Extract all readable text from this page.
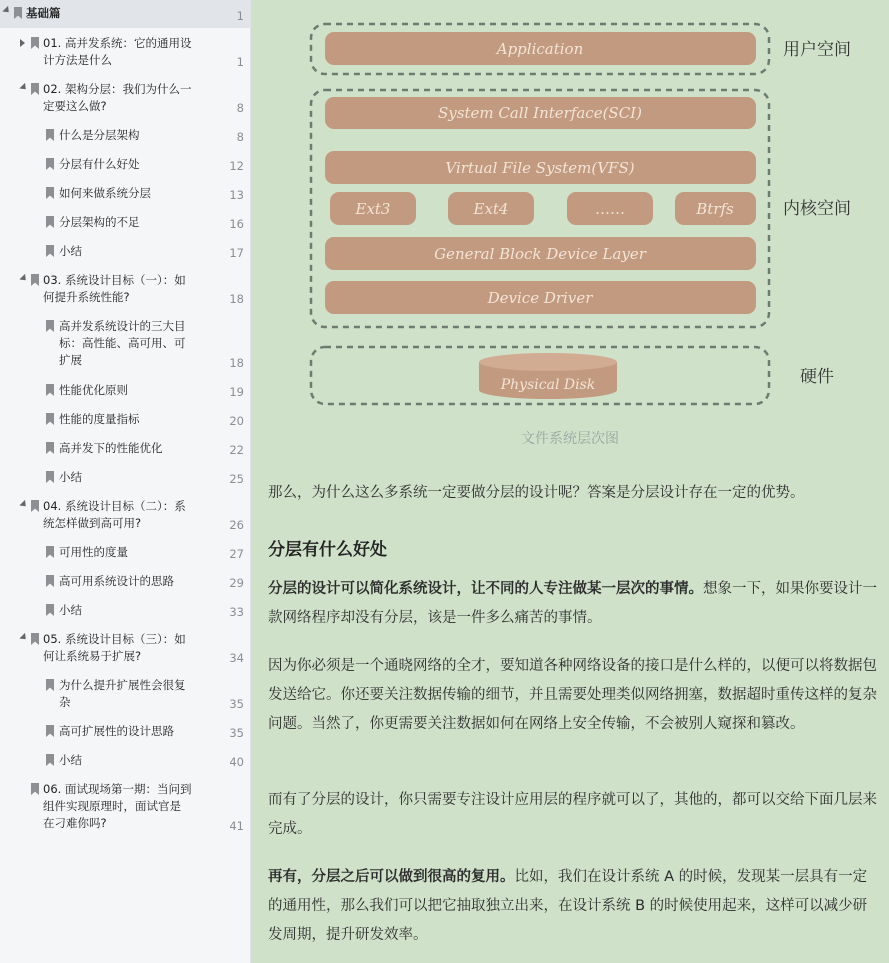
基础篇	1
01. 高并发系统：它的通用设计方法是什么	1
02. 架构分层：我们为什么一定要这么做?	8
什么是分层架构	8
分层有什么好处	12
如何来做系统分层	13
分层架构的不足	16
小结	17
03. 系统设计目标（一）：如何提升系统性能?	18
高并发系统设计的三大目标：高性能、高可用、可扩展	18
性能优化原则	19
性能的度量指标	20
高并发下的性能优化	22
小结	25
04. 系统设计目标（二）：系统怎样做到高可用?	26
可用性的度量	27
高可用系统设计的思路	29
小结	33
05. 系统设计目标（三）：如何让系统易于扩展?	34
为什么提升扩展性会很复杂	35
高可扩展性的设计思路	35
小结	40
06. 面试现场第一期：当问到组件实现原理时，面试官是在刁难你吗?	41
Application
System Call Interface(SCI)
Virtual File System(VFS)
Ext3	Ext4	……	Btrfs
General Block Device Layer
Device Driver
Physical Disk
用户空间
内核空间
硬件
文件系统层次图
那么，为什么这么多系统一定要做分层的设计呢？答案是分层设计存在一定的优势。
分层有什么好处
分层的设计可以简化系统设计，让不同的人专注做某一层次的事情。想象一下，如果你要设计一款网络程序却没有分层，该是一件多么痛苦的事情。
因为你必须是一个通晓网络的全才，要知道各种网络设备的接口是什么样的，以便可以将数据包发送给它。你还要关注数据传输的细节，并且需要处理类似网络拥塞，数据超时重传这样的复杂问题。当然了，你更需要关注数据如何在网络上安全传输，不会被别人窥探和篡改。
而有了分层的设计，你只需要专注设计应用层的程序就可以了，其他的，都可以交给下面几层来完成。
再有，分层之后可以做到很高的复用。比如，我们在设计系统 A 的时候，发现某一层具有一定的通用性，那么我们可以把它抽取独立出来，在设计系统 B 的时候使用起来，这样可以减少研发周期，提升研发效率。
